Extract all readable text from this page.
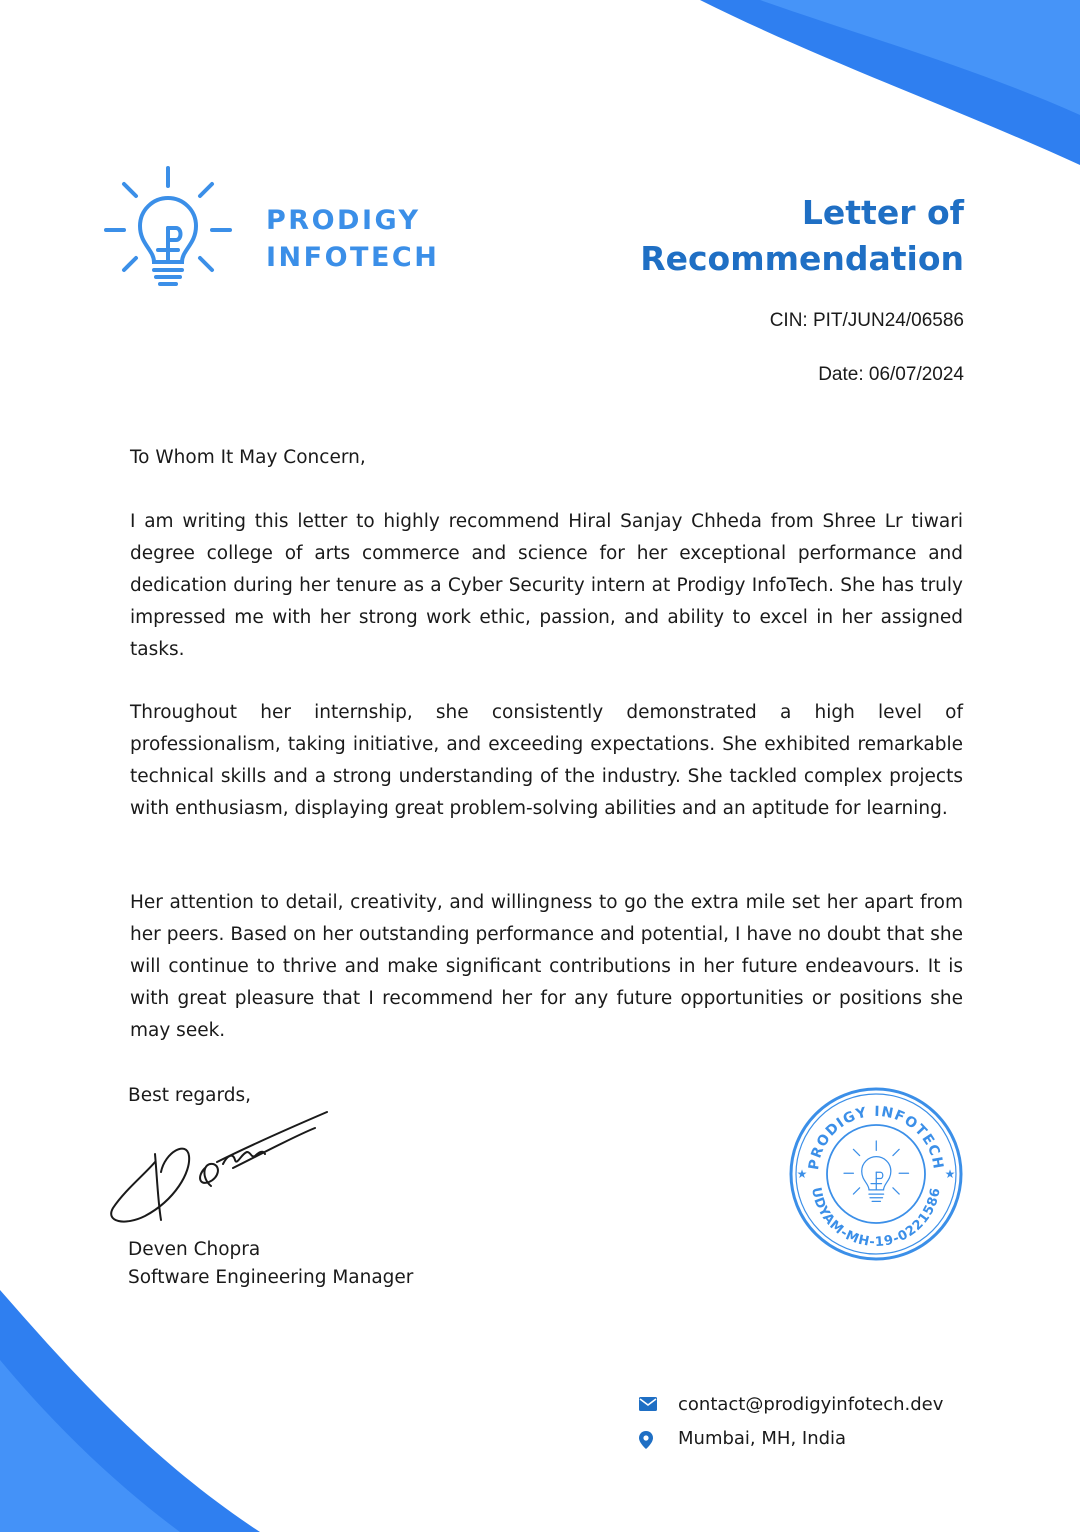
PRODIGY
INFOTECH
Letter of
Recommendation
CIN: PIT/JUN24/06586
Date: 06/07/2024
To Whom It May Concern,

I am writing this letter to highly recommend Hiral Sanjay Chheda from Shree Lr tiwari degree college of arts commerce and science for her exceptional performance and dedication during her tenure as a Cyber Security intern at Prodigy InfoTech. She has truly impressed me with her strong work ethic, passion, and ability to excel in her assigned tasks.

Throughout her internship, she consistently demonstrated a high level of professionalism, taking initiative, and exceeding expectations. She exhibited remarkable technical skills and a strong understanding of the industry. She tackled complex projects with enthusiasm, displaying great problem-solving abilities and an aptitude for learning.

Her attention to detail, creativity, and willingness to go the extra mile set her apart from her peers. Based on her outstanding performance and potential, I have no doubt that she will continue to thrive and make significant contributions in her future endeavours. It is with great pleasure that I recommend her for any future opportunities or positions she may seek.

Best regards,
Deven Chopra
Software Engineering Manager
PRODIGY INFOTECH
UDYAM-MH-19-0221586
★	★
contact@prodigyinfotech.dev
Mumbai, MH, India
